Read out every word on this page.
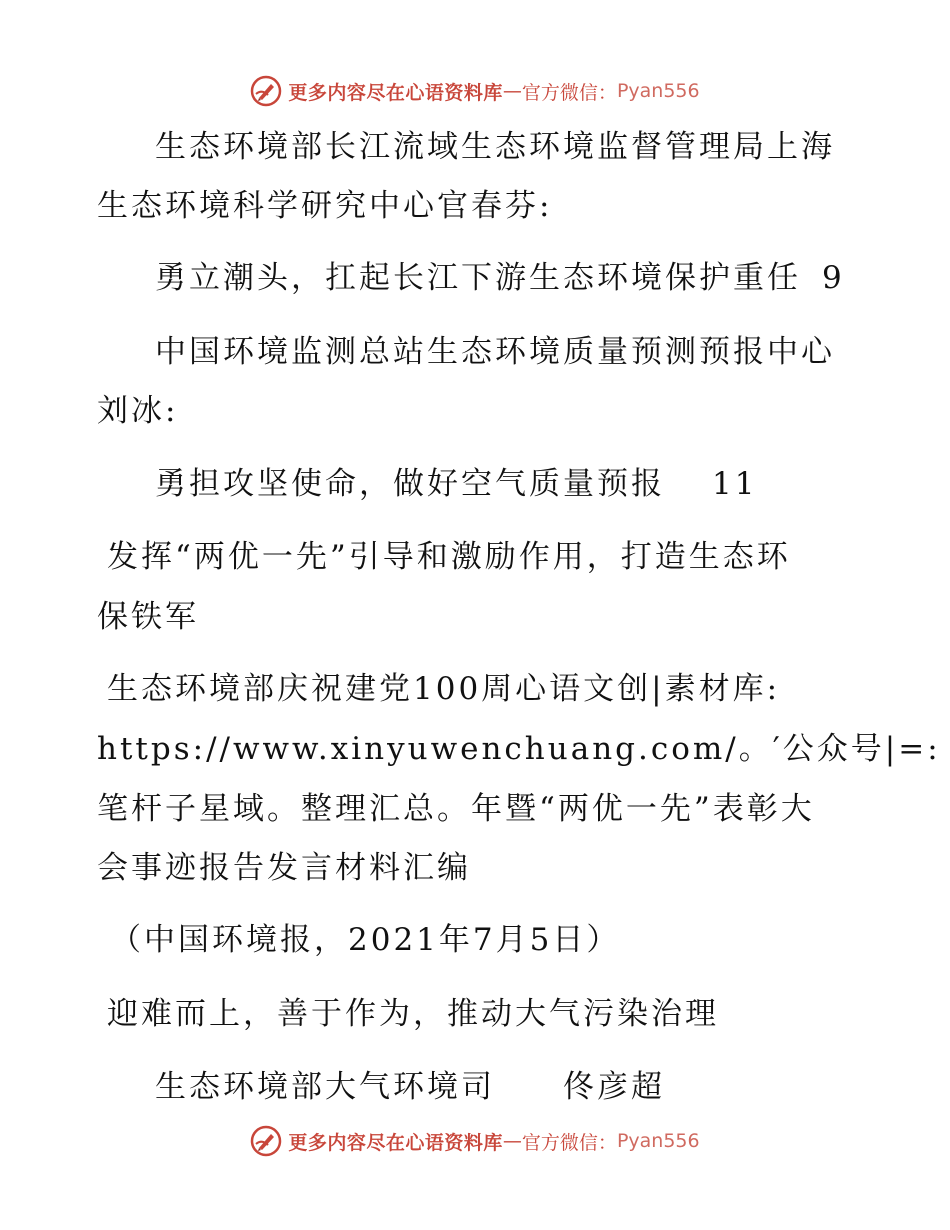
更多内容尽在心语资料库 — 官方微信： Pyan556
生态环境部长江流域生态环境监督管理局上海
生态环境科学研究中心官春芬:
勇立潮头，扛起长江下游生态环境保护重任 9
中国环境监测总站生态环境质量预测预报中心
刘冰:
勇担攻坚使命，做好空气质量预报 11
发挥“两优一先”引导和激励作用，打造生态环
保铁军
生态环境部庆祝建党100周心语文创|素材库:
https://www.xinyuwenchuang.com/。′公众号|=:
笔杆子星域。整理汇总。年暨“两优一先”表彰大
会事迹报告发言材料汇编
（中国环境报，2021年7月5日）
迎难而上，善于作为，推动大气污染治理
生态环境部大气环境司　　佟彦超
更多内容尽在心语资料库 — 官方微信： Pyan556
